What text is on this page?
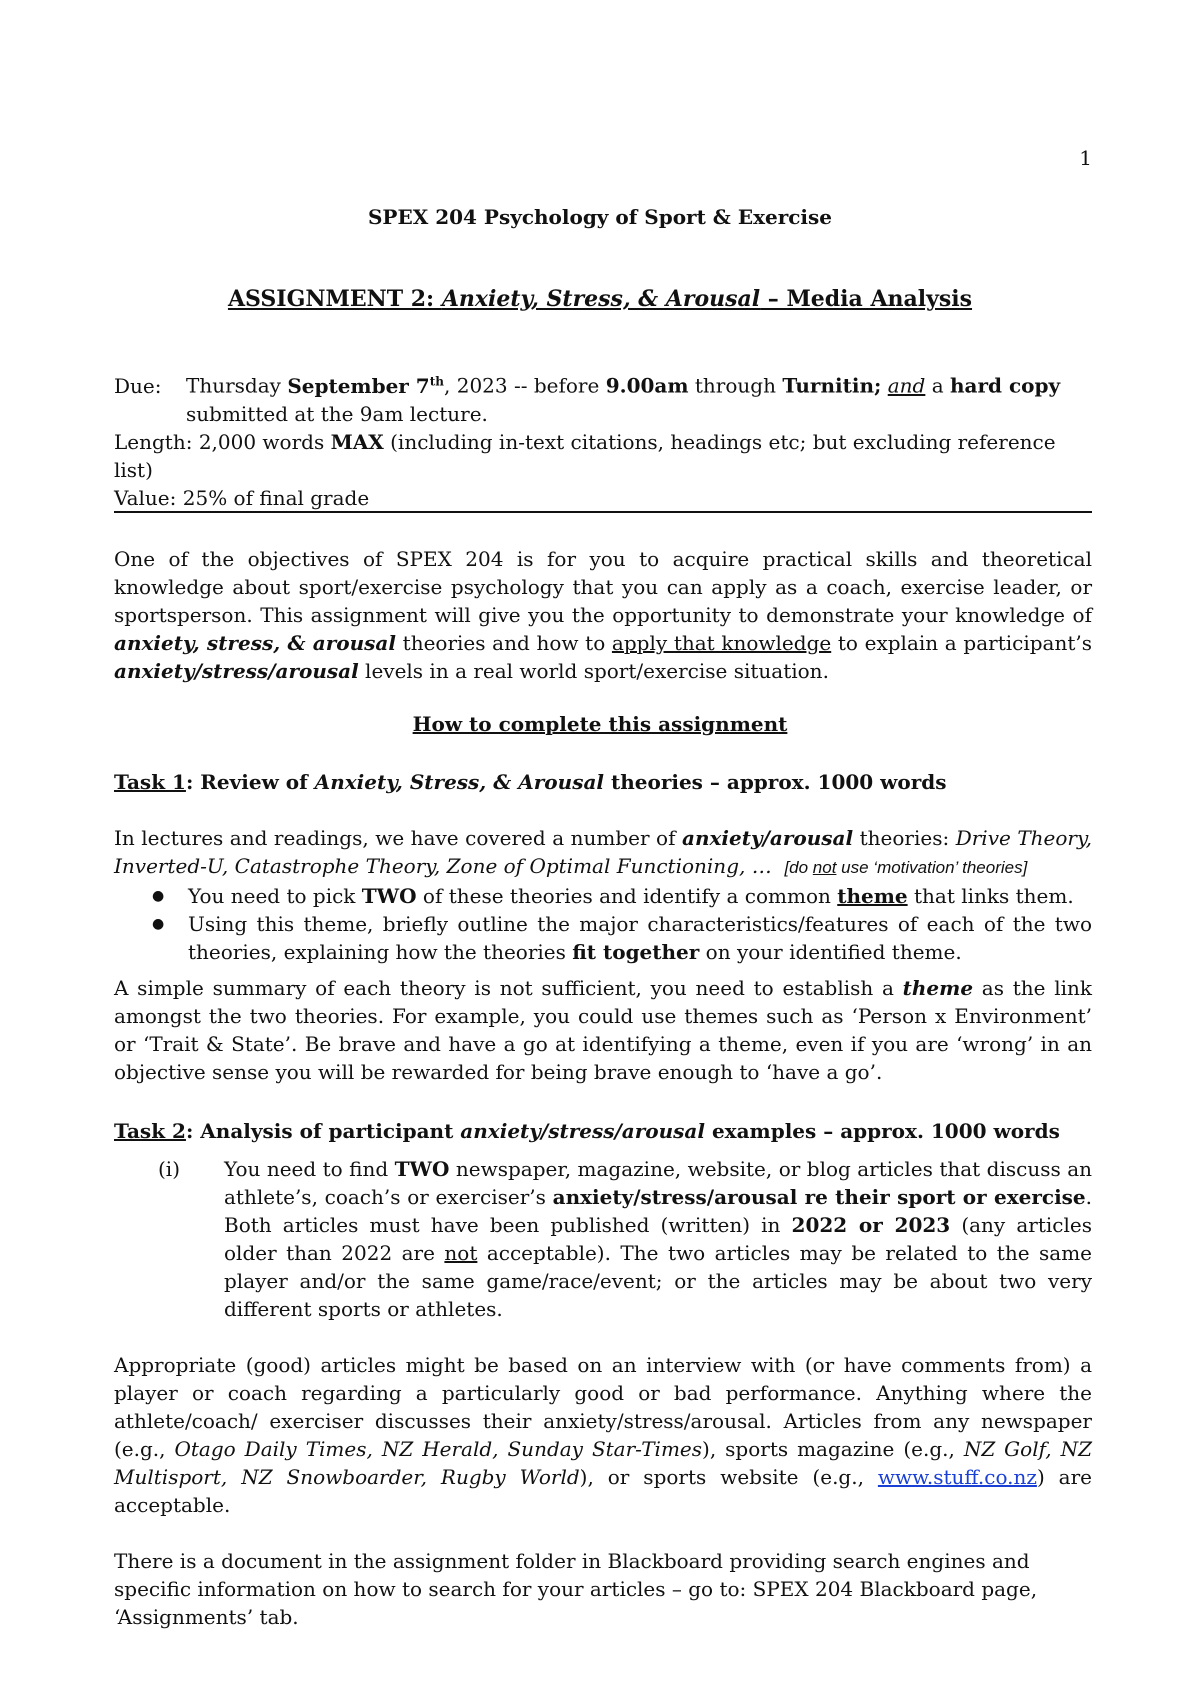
1
SPEX 204 Psychology of Sport & Exercise
ASSIGNMENT 2: Anxiety, Stress, & Arousal – Media Analysis
Due: Thursday September 7th, 2023 -- before 9.00am through Turnitin; and a hard copy
submitted at the 9am lecture.
Length: 2,000 words MAX (including in-text citations, headings etc; but excluding reference list)
Value: 25% of final grade
One of the objectives of SPEX 204 is for you to acquire practical skills and theoretical knowledge about sport/exercise psychology that you can apply as a coach, exercise leader, or sportsperson. This assignment will give you the opportunity to demonstrate your knowledge of anxiety, stress, & arousal theories and how to apply that knowledge to explain a participant’s anxiety/stress/arousal levels in a real world sport/exercise situation.
How to complete this assignment
Task 1: Review of Anxiety, Stress, & Arousal theories – approx. 1000 words
In lectures and readings, we have covered a number of anxiety/arousal theories: Drive Theory, Inverted-U, Catastrophe Theory, Zone of Optimal Functioning, … [do not use ‘motivation’ theories]
● You need to pick TWO of these theories and identify a common theme that links them.
● Using this theme, briefly outline the major characteristics/features of each of the two theories, explaining how the theories fit together on your identified theme.
A simple summary of each theory is not sufficient, you need to establish a theme as the link amongst the two theories. For example, you could use themes such as ‘Person x Environment’ or ‘Trait & State’. Be brave and have a go at identifying a theme, even if you are ‘wrong’ in an objective sense you will be rewarded for being brave enough to ‘have a go’.
Task 2: Analysis of participant anxiety/stress/arousal examples – approx. 1000 words
(i) You need to find TWO newspaper, magazine, website, or blog articles that discuss an athlete’s, coach’s or exerciser’s anxiety/stress/arousal re their sport or exercise. Both articles must have been published (written) in 2022 or 2023 (any articles older than 2022 are not acceptable). The two articles may be related to the same player and/or the same game/race/event; or the articles may be about two very different sports or athletes.
Appropriate (good) articles might be based on an interview with (or have comments from) a player or coach regarding a particularly good or bad performance. Anything where the athlete/coach/ exerciser discusses their anxiety/stress/arousal. Articles from any newspaper (e.g., Otago Daily Times, NZ Herald, Sunday Star-Times), sports magazine (e.g., NZ Golf, NZ Multisport, NZ Snowboarder, Rugby World), or sports website (e.g., www.stuff.co.nz) are acceptable.
There is a document in the assignment folder in Blackboard providing search engines and specific information on how to search for your articles – go to: SPEX 204 Blackboard page, ‘Assignments’ tab.
